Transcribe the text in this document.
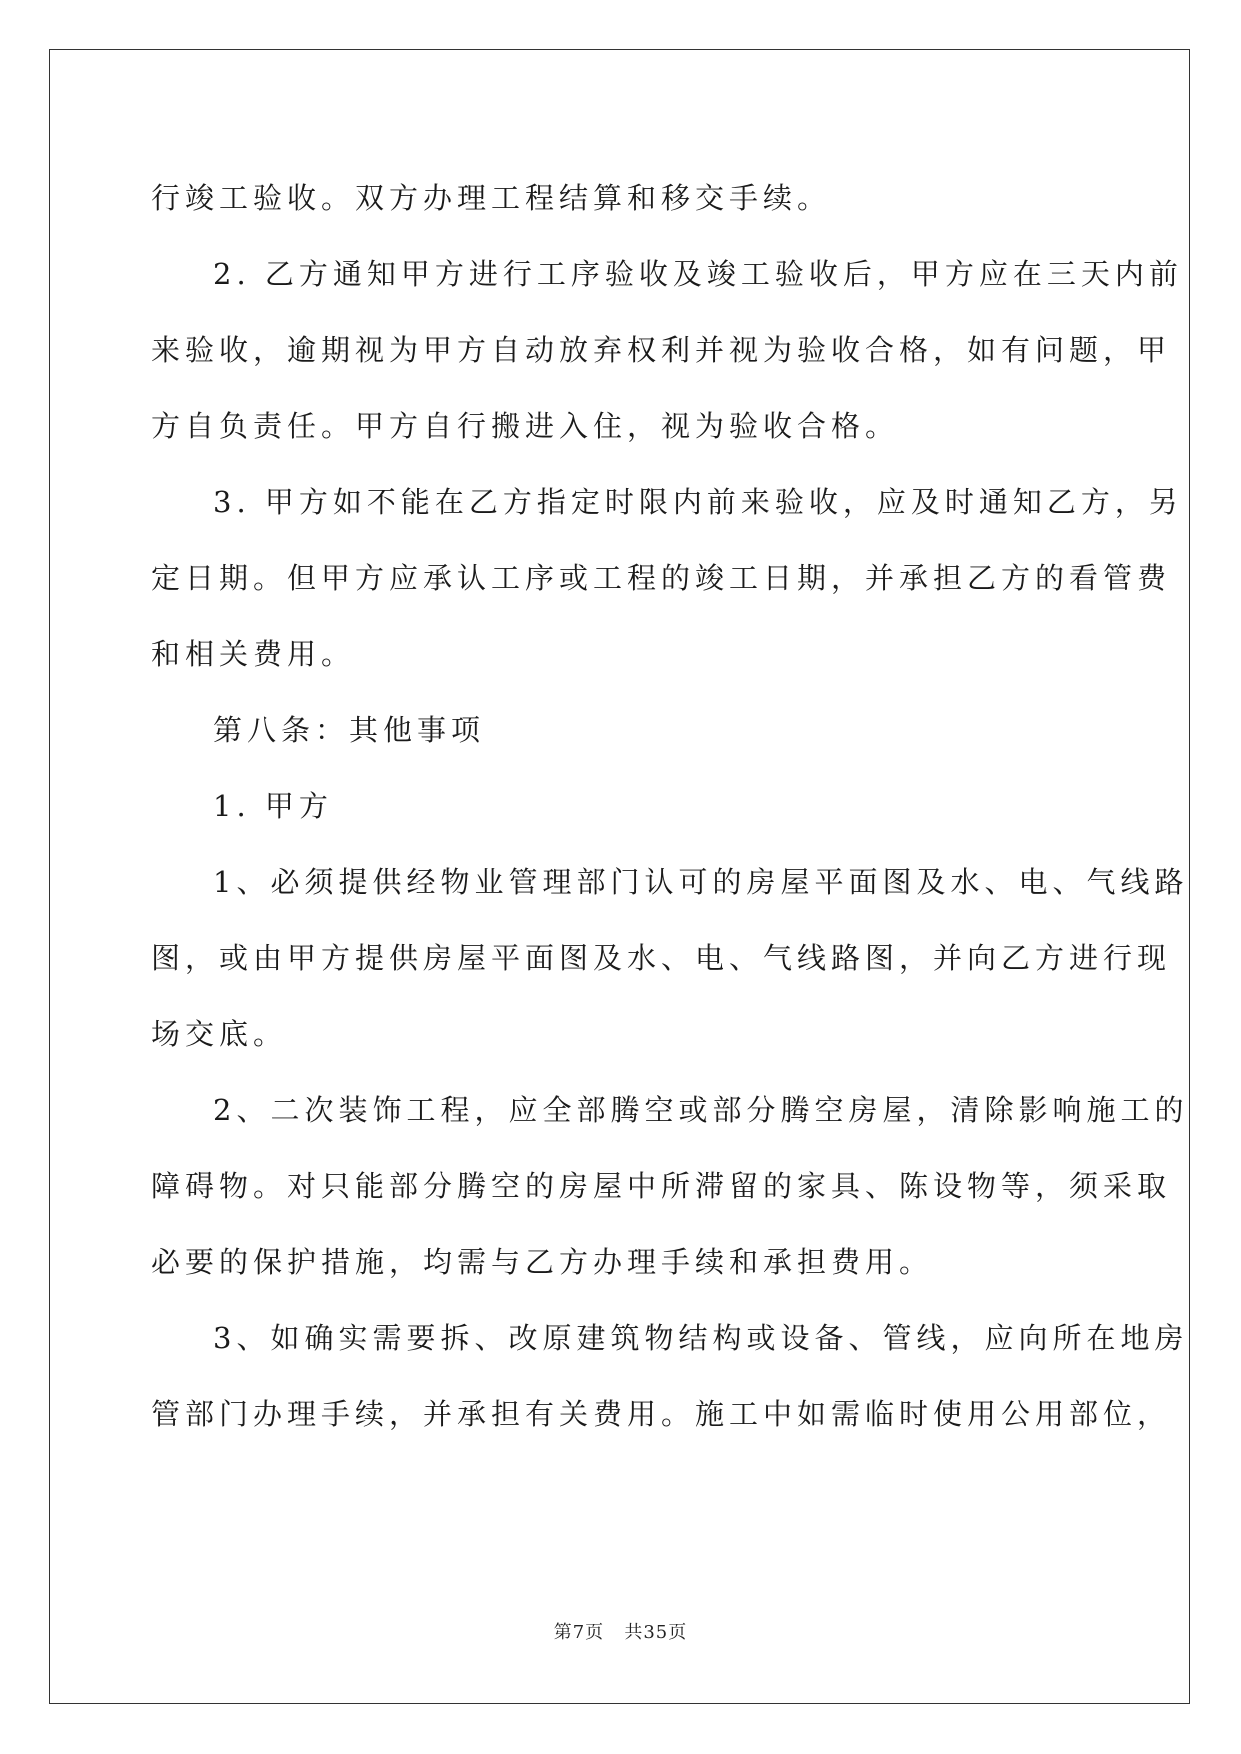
行竣工验收。双方办理工程结算和移交手续。
2. 乙方通知甲方进行工序验收及竣工验收后，甲方应在三天内前
来验收，逾期视为甲方自动放弃权利并视为验收合格，如有问题，甲
方自负责任。甲方自行搬进入住，视为验收合格。
3. 甲方如不能在乙方指定时限内前来验收，应及时通知乙方，另
定日期。但甲方应承认工序或工程的竣工日期，并承担乙方的看管费
和相关费用。
第八条：其他事项
1. 甲方
1、必须提供经物业管理部门认可的房屋平面图及水、电、气线路
图，或由甲方提供房屋平面图及水、电、气线路图，并向乙方进行现
场交底。
2、二次装饰工程，应全部腾空或部分腾空房屋，清除影响施工的
障碍物。对只能部分腾空的房屋中所滞留的家具、陈设物等，须采取
必要的保护措施，均需与乙方办理手续和承担费用。
3、如确实需要拆、改原建筑物结构或设备、管线，应向所在地房
管部门办理手续，并承担有关费用。施工中如需临时使用公用部位，
第7页 共35页
